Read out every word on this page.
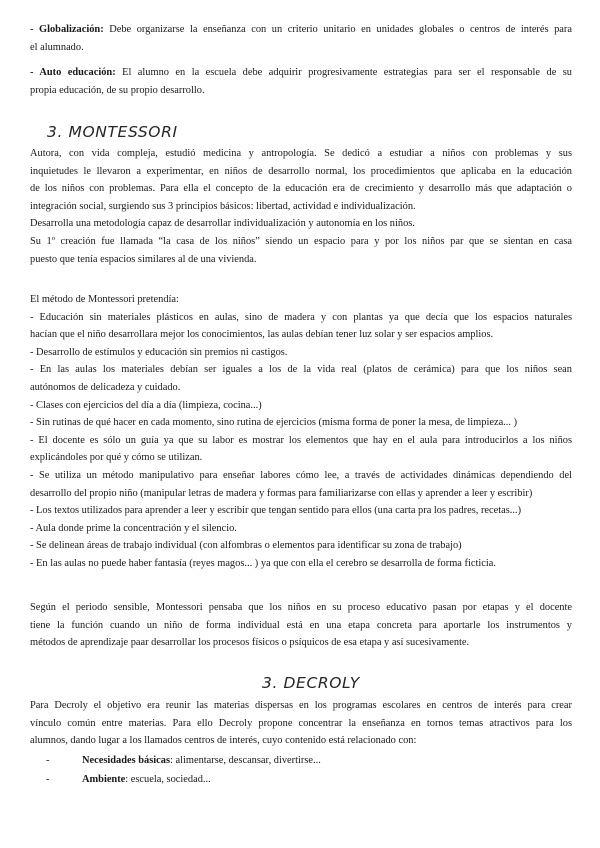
- Globalización: Debe organizarse la enseñanza con un criterio unitario en unidades globales o centros de interés para
el alumnado.
- Auto educación: El alumno en la escuela debe adquirir progresivamente estrategias para ser el responsable de su
propia educación, de su propio desarrollo.
3. MONTESSORI
Autora, con vida compleja, estudió medicina y antropología. Se dedicó a estudiar a niños con problemas y sus
inquietudes le llevaron a experimentar, en niños de desarrollo normal, los procedimientos que aplicaba en la educación
de los niños con problemas. Para ella el concepto de la educación era de crecimiento y desarrollo más que adaptación o
integración social, surgiendo sus 3 principios básicos: libertad, actividad e individualización.
Desarrolla una metodología capaz de desarrollar individualización y autonomía en los niños.
Su 1º creación fue llamada “la casa de los niños” siendo un espacio para y por los niños par que se sientan en casa
puesto que tenía espacios similares al de una vivienda.
El método de Montessori pretendía:
- Educación sin materiales plásticos en aulas, sino de madera y con plantas ya que decía que los espacios naturales
hacían que el niño desarrollara mejor los conocimientos, las aulas debían tener luz solar y ser espacios amplios.
- Desarrollo de estímulos y educación sin premios ni castigos.
- En las aulas los materiales debían ser iguales a los de la vida real (platos de cerámica) para que los niños sean
autónomos de delicadeza y cuidado.
- Clases con ejercicios del día a día (limpieza, cocina...)
- Sin rutinas de qué hacer en cada momento, sino rutina de ejercicios (misma forma de poner la mesa, de limpieza... )
- El docente es sólo un guía ya que su labor es mostrar los elementos que hay en el aula para introducirlos a los niños
explicándoles por qué y cómo se utilizan.
- Se utiliza un método manipulativo para enseñar labores cómo lee, a través de actividades dinámicas dependiendo del
desarrollo del propio niño (manipular letras de madera y formas para familiarizarse con ellas y aprender a leer y escribir)
- Los textos utilizados para aprender a leer y escribir que tengan sentido para ellos (una carta pra los padres, recetas...)
- Aula donde prime la concentración y el silencio.
- Se delinean áreas de trabajo individual (con alfombras o elementos para identificar su zona de trabajo)
- En las aulas no puede haber fantasía (reyes magos... ) ya que con ella el cerebro se desarrolla de forma ficticia.
Según el periodo sensible, Montessori pensaba que los niños en su proceso educativo pasan por etapas y el docente
tiene la función cuando un niño de forma individual está en una etapa concreta para aportarle los instrumentos y
métodos de aprendizaje paar desarrollar los procesos físicos o psíquicos de esa etapa y así sucesivamente.
3. DECROLY
Para Decroly el objetivo era reunir las materias dispersas en los programas escolares en centros de interés para crear
vínculo común entre materias. Para ello Decroly propone concentrar la enseñanza en tornos temas atractivos para los
alumnos, dando lugar a los llamados centros de interés, cuyo contenido está relacionado con:
-	Necesidades básicas: alimentarse, descansar, divertirse...
-	Ambiente: escuela, sociedad...
